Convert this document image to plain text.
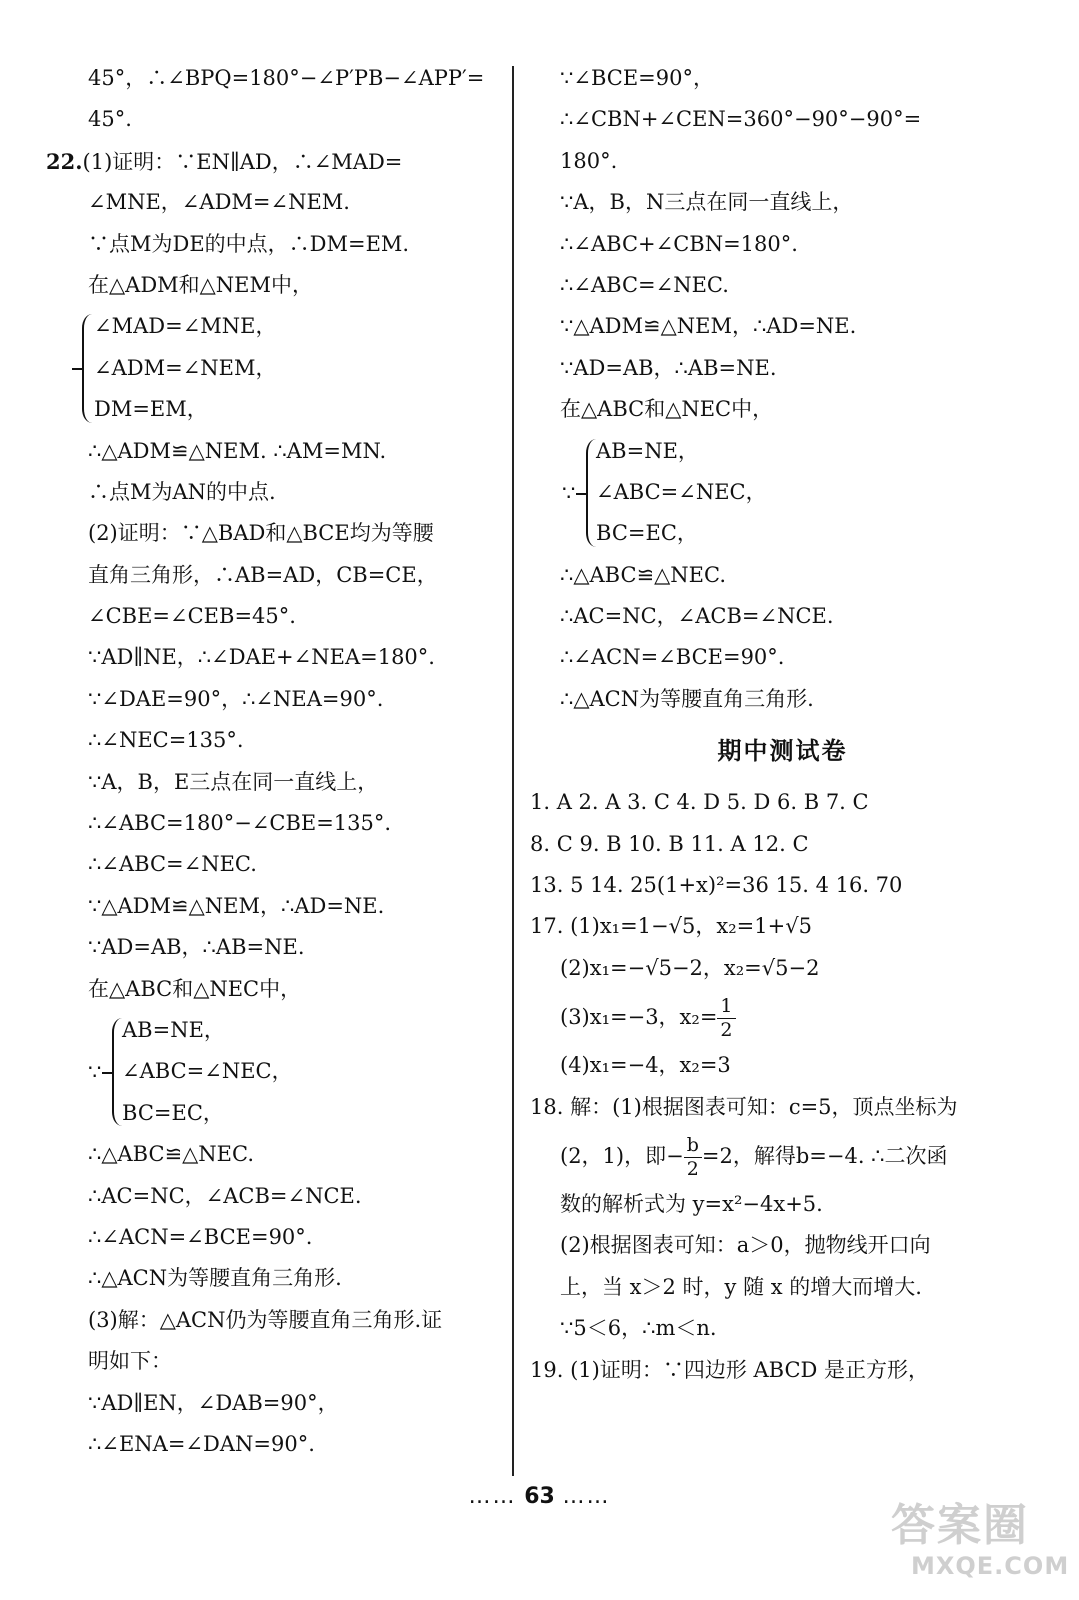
45°，∴∠BPQ=180°−∠P′PB−∠APP′=
45°.
22.(1)证明：∵EN∥AD，∴∠MAD=
∠MNE，∠ADM=∠NEM.
∵点M为DE的中点，∴DM=EM.
在△ADM和△NEM中，
∠MAD=∠MNE，
∠ADM=∠NEM，
DM=EM，
∴△ADM≌△NEM. ∴AM=MN.
∴点M为AN的中点.
(2)证明：∵△BAD和△BCE均为等腰
直角三角形，∴AB=AD，CB=CE，
∠CBE=∠CEB=45°.
∵AD∥NE，∴∠DAE+∠NEA=180°.
∵∠DAE=90°，∴∠NEA=90°.
∴∠NEC=135°.
∵A，B，E三点在同一直线上，
∴∠ABC=180°−∠CBE=135°.
∴∠ABC=∠NEC.
∵△ADM≌△NEM，∴AD=NE.
∵AD=AB，∴AB=NE.
在△ABC和△NEC中，
∵
AB=NE，
∠ABC=∠NEC，
BC=EC，
∴△ABC≌△NEC.
∴AC=NC，∠ACB=∠NCE.
∴∠ACN=∠BCE=90°.
∴△ACN为等腰直角三角形.
(3)解：△ACN仍为等腰直角三角形.证
明如下：
∵AD∥EN，∠DAB=90°，
∴∠ENA=∠DAN=90°.
∵∠BCE=90°，
∴∠CBN+∠CEN=360°−90°−90°=
180°.
∵A，B，N三点在同一直线上，
∴∠ABC+∠CBN=180°.
∴∠ABC=∠NEC.
∵△ADM≌△NEM，∴AD=NE.
∵AD=AB，∴AB=NE.
在△ABC和△NEC中，
∵
AB=NE，
∠ABC=∠NEC，
BC=EC，
∴△ABC≌△NEC.
∴AC=NC，∠ACB=∠NCE.
∴∠ACN=∠BCE=90°.
∴△ACN为等腰直角三角形.
期中测试卷
1. A 2. A 3. C 4. D 5. D 6. B 7. C
8. C 9. B 10. B 11. A 12. C
13. 5 14. 25(1+x)²=36 15. 4 16. 70
17. (1)x₁=1−√5，x₂=1+√5
(2)x₁=−√5−2，x₂=√5−2
(3)x₁=−3，$x_2= \frac{1}{2}$
(4)x₁=−4，x₂=3
18. 解：(1)根据图表可知：c=5，顶点坐标为
(2，1)，即− $\frac{b}{2} =2$，解得b=−4. ∴二次函
数的解析式为 y=x²−4x+5.
(2)根据图表可知：a＞0，抛物线开口向
上，当 x＞2 时，y 随 x 的增大而增大.
∵5＜6，∴m＜n.
19. (1)证明：∵四边形 ABCD 是正方形，
…… 63 ……
答案圈
MXQE.COM
